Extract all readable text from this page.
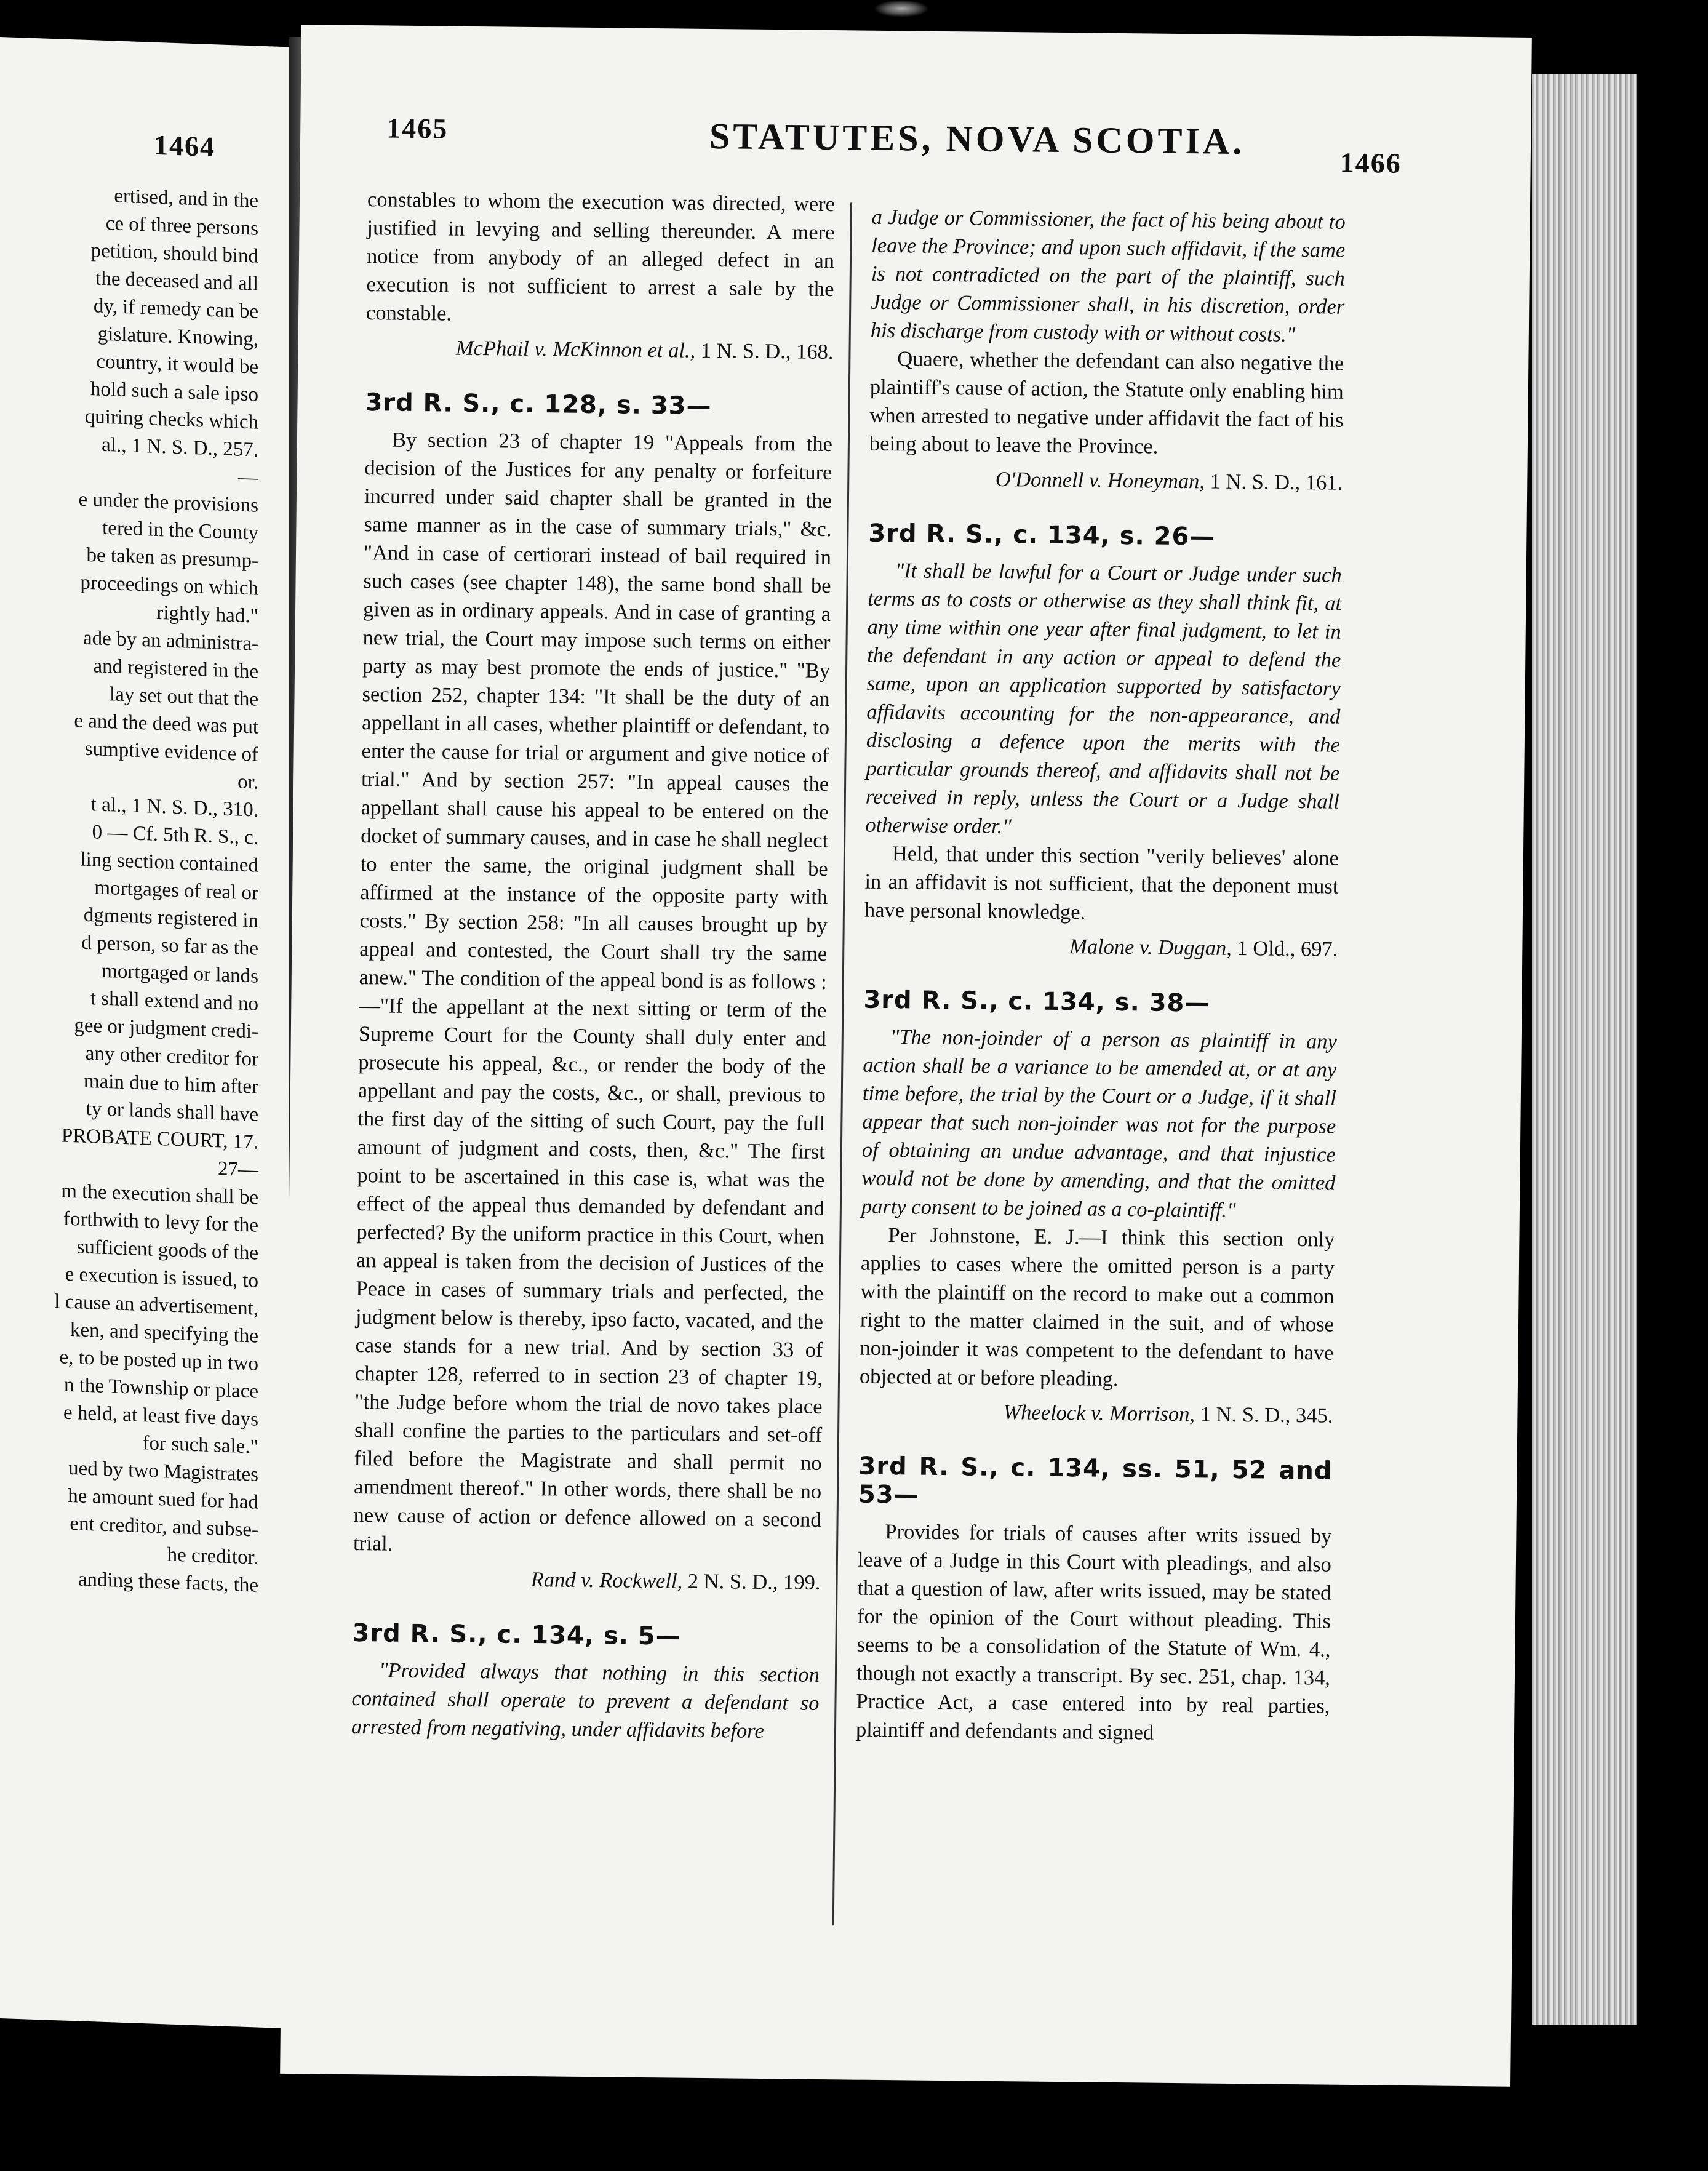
1464
ertised, and in the
ce of three persons
petition, should bind
the deceased and all
dy, if remedy can be
gislature. Knowing,
country, it would be
hold such a sale ipso
quiring checks which
al., 1 N. S. D., 257.
—
e under the provisions
tered in the County
be taken as presump-
proceedings on which
rightly had."
ade by an administra-
and registered in the
lay set out that the
e and the deed was put
sumptive evidence of
or.
t al., 1 N. S. D., 310.
0 — Cf. 5th R. S., c.
ling section contained
mortgages of real or
dgments registered in
d person, so far as the
mortgaged or lands
t shall extend and no
gee or judgment credi-
any other creditor for
main due to him after
ty or lands shall have
PROBATE COURT, 17.
27—
m the execution shall be
forthwith to levy for the
sufficient goods of the
e execution is issued, to
l cause an advertisement,
ken, and specifying the
e, to be posted up in two
n the Township or place
e held, at least five days
for such sale."
ued by two Magistrates
he amount sued for had
ent creditor, and subse-
he creditor.
anding these facts, the
1465	STATUTES, NOVA SCOTIA.
1466

constables to whom the execution was directed, were justified in levying and selling thereunder. A mere notice from anybody of an alleged defect in an execution is not sufficient to arrest a sale by the constable.

McPhail v. McKinnon et al., 1 N. S. D., 168.

3rd R. S., c. 128, s. 33—

By section 23 of chapter 19 "Appeals from the decision of the Justices for any penalty or forfeiture incurred under said chapter shall be granted in the same manner as in the case of summary trials," &c. "And in case of certiorari instead of bail required in such cases (see chapter 148), the same bond shall be given as in ordinary appeals. And in case of granting a new trial, the Court may impose such terms on either party as may best promote the ends of justice." "By section 252, chapter 134: "It shall be the duty of an appellant in all cases, whether plaintiff or defendant, to enter the cause for trial or argument and give notice of trial." And by section 257: "In appeal causes the appellant shall cause his appeal to be entered on the docket of summary causes, and in case he shall neglect to enter the same, the original judgment shall be affirmed at the instance of the opposite party with costs." By section 258: "In all causes brought up by appeal and contested, the Court shall try the same anew." The condition of the appeal bond is as follows :—"If the appellant at the next sitting or term of the Supreme Court for the County shall duly enter and prosecute his appeal, &c., or render the body of the appellant and pay the costs, &c., or shall, previous to the first day of the sitting of such Court, pay the full amount of judgment and costs, then, &c." The first point to be ascertained in this case is, what was the effect of the appeal thus demanded by defendant and perfected? By the uniform practice in this Court, when an appeal is taken from the decision of Justices of the Peace in cases of summary trials and perfected, the judgment below is thereby, ipso facto, vacated, and the case stands for a new trial. And by section 33 of chapter 128, referred to in section 23 of chapter 19, "the Judge before whom the trial de novo takes place shall confine the parties to the particulars and set-off filed before the Magistrate and shall permit no amendment thereof." In other words, there shall be no new cause of action or defence allowed on a second trial.

Rand v. Rockwell, 2 N. S. D., 199.

3rd R. S., c. 134, s. 5—

"Provided always that nothing in this section contained shall operate to prevent a defendant so arrested from negativing, under affidavits before

a Judge or Commissioner, the fact of his being about to leave the Province; and upon such affidavit, if the same is not contradicted on the part of the plaintiff, such Judge or Commissioner shall, in his discretion, order his discharge from custody with or without costs."

Quaere, whether the defendant can also negative the plaintiff's cause of action, the Statute only enabling him when arrested to negative under affidavit the fact of his being about to leave the Province.

O'Donnell v. Honeyman, 1 N. S. D., 161.

3rd R. S., c. 134, s. 26—

"It shall be lawful for a Court or Judge under such terms as to costs or otherwise as they shall think fit, at any time within one year after final judgment, to let in the defendant in any action or appeal to defend the same, upon an application supported by satisfactory affidavits accounting for the non-appearance, and disclosing a defence upon the merits with the particular grounds thereof, and affidavits shall not be received in reply, unless the Court or a Judge shall otherwise order."

Held, that under this section "verily believes' alone in an affidavit is not sufficient, that the deponent must have personal knowledge.

Malone v. Duggan, 1 Old., 697.

3rd R. S., c. 134, s. 38—

"The non-joinder of a person as plaintiff in any action shall be a variance to be amended at, or at any time before, the trial by the Court or a Judge, if it shall appear that such non-joinder was not for the purpose of obtaining an undue advantage, and that injustice would not be done by amending, and that the omitted party consent to be joined as a co-plaintiff."

Per Johnstone, E. J.—I think this section only applies to cases where the omitted person is a party with the plaintiff on the record to make out a common right to the matter claimed in the suit, and of whose non-joinder it was competent to the defendant to have objected at or before pleading.

Wheelock v. Morrison, 1 N. S. D., 345.

3rd R. S., c. 134, ss. 51, 52 and 53—

Provides for trials of causes after writs issued by leave of a Judge in this Court with pleadings, and also that a question of law, after writs issued, may be stated for the opinion of the Court without pleading. This seems to be a consolidation of the Statute of Wm. 4., though not exactly a transcript. By sec. 251, chap. 134, Practice Act, a case entered into by real parties, plaintiff and defendants and signed
